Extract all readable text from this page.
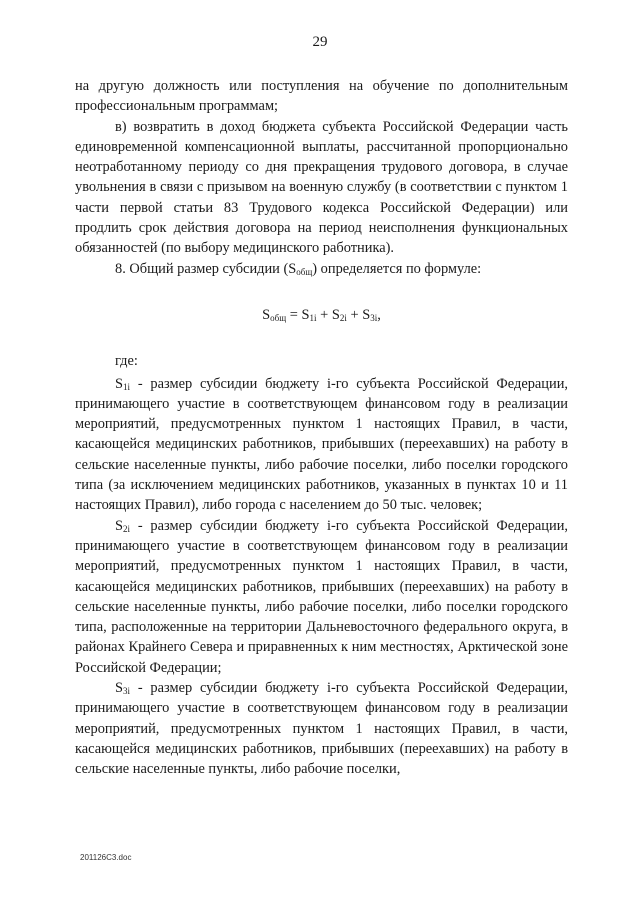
29

на другую должность или поступления на обучение по дополнительным профессиональным программам;

в) возвратить в доход бюджета субъекта Российской Федерации часть единовременной компенсационной выплаты, рассчитанной пропорционально неотработанному периоду со дня прекращения трудового договора, в случае увольнения в связи с призывом на военную службу (в соответствии с пунктом 1 части первой статьи 83 Трудового кодекса Российской Федерации) или продлить срок действия договора на период неисполнения функциональных обязанностей (по выбору медицинского работника).

8. Общий размер субсидии $(S_{общ})$ определяется по формуле:

$S_{общ} = S_{1i} + S_{2i} + S_{3i}$,

где:

$S_{1i}$ - размер субсидии бюджету i-го субъекта Российской Федерации, принимающего участие в соответствующем финансовом году в реализации мероприятий, предусмотренных пунктом 1 настоящих Правил, в части, касающейся медицинских работников, прибывших (переехавших) на работу в сельские населенные пункты, либо рабочие поселки, либо поселки городского типа (за исключением медицинских работников, указанных в пунктах 10 и 11 настоящих Правил), либо города с населением до 50 тыс. человек;

$S_{2i}$ - размер субсидии бюджету i-го субъекта Российской Федерации, принимающего участие в соответствующем финансовом году в реализации мероприятий, предусмотренных пунктом 1 настоящих Правил, в части, касающейся медицинских работников, прибывших (переехавших) на работу в сельские населенные пункты, либо рабочие поселки, либо поселки городского типа, расположенные на территории Дальневосточного федерального округа, в районах Крайнего Севера и приравненных к ним местностях, Арктической зоне Российской Федерации;

$S_{3i}$ - размер субсидии бюджету i-го субъекта Российской Федерации, принимающего участие в соответствующем финансовом году в реализации мероприятий, предусмотренных пунктом 1 настоящих Правил, в части, касающейся медицинских работников, прибывших (переехавших) на работу в сельские населенные пункты, либо рабочие поселки,

201126С3.doc
